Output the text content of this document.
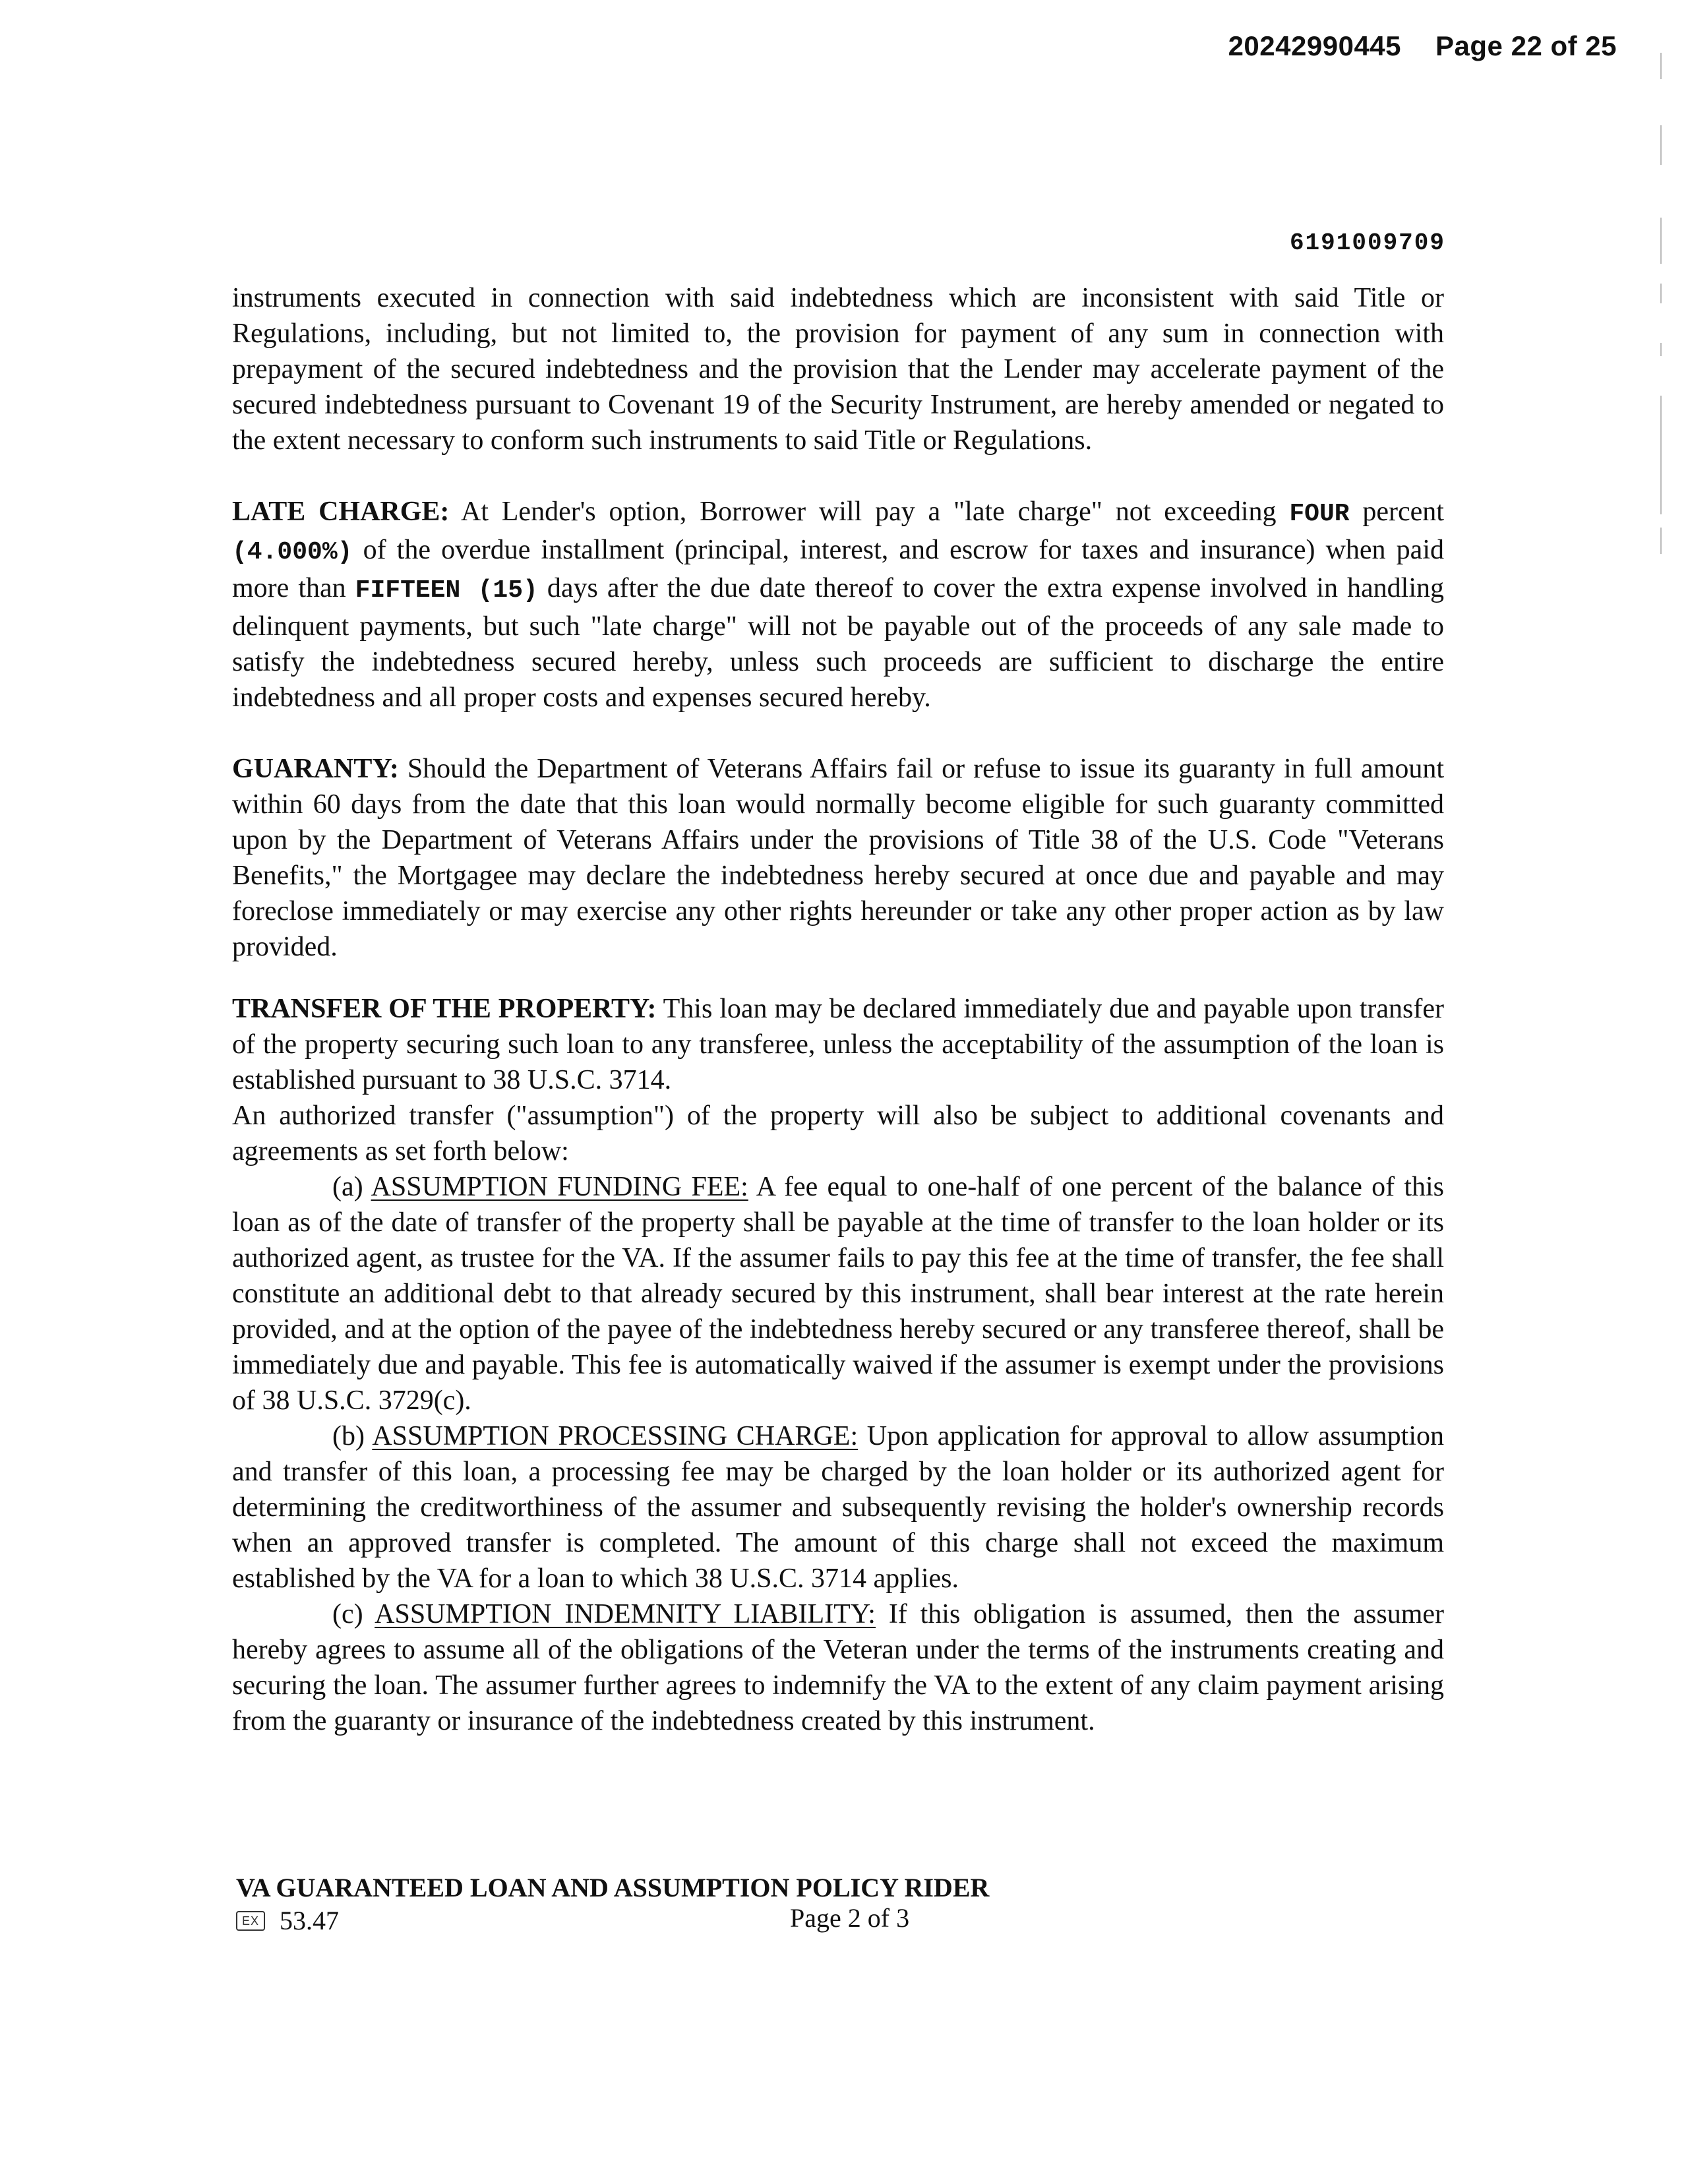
20242990445 Page 22 of 25
6191009709

instruments executed in connection with said indebtedness which are inconsistent with said Title or Regulations, including, but not limited to, the provision for payment of any sum in connection with prepayment of the secured indebtedness and the provision that the Lender may accelerate payment of the secured indebtedness pursuant to Covenant 19 of the Security Instrument, are hereby amended or negated to the extent necessary to conform such instruments to said Title or Regulations.

LATE CHARGE: At Lender's option, Borrower will pay a "late charge" not exceeding FOUR percent (4.000%) of the overdue installment (principal, interest, and escrow for taxes and insurance) when paid more than FIFTEEN (15) days after the due date thereof to cover the extra expense involved in handling delinquent payments, but such "late charge" will not be payable out of the proceeds of any sale made to satisfy the indebtedness secured hereby, unless such proceeds are sufficient to discharge the entire indebtedness and all proper costs and expenses secured hereby.

GUARANTY: Should the Department of Veterans Affairs fail or refuse to issue its guaranty in full amount within 60 days from the date that this loan would normally become eligible for such guaranty committed upon by the Department of Veterans Affairs under the provisions of Title 38 of the U.S. Code "Veterans Benefits," the Mortgagee may declare the indebtedness hereby secured at once due and payable and may foreclose immediately or may exercise any other rights hereunder or take any other proper action as by law provided.

TRANSFER OF THE PROPERTY: This loan may be declared immediately due and payable upon transfer of the property securing such loan to any transferee, unless the acceptability of the assumption of the loan is established pursuant to 38 U.S.C. 3714.

An authorized transfer ("assumption") of the property will also be subject to additional covenants and agreements as set forth below:

(a) ASSUMPTION FUNDING FEE: A fee equal to one-half of one percent of the balance of this loan as of the date of transfer of the property shall be payable at the time of transfer to the loan holder or its authorized agent, as trustee for the VA. If the assumer fails to pay this fee at the time of transfer, the fee shall constitute an additional debt to that already secured by this instrument, shall bear interest at the rate herein provided, and at the option of the payee of the indebtedness hereby secured or any transferee thereof, shall be immediately due and payable. This fee is automatically waived if the assumer is exempt under the provisions of 38 U.S.C. 3729(c).

(b) ASSUMPTION PROCESSING CHARGE: Upon application for approval to allow assumption and transfer of this loan, a processing fee may be charged by the loan holder or its authorized agent for determining the creditworthiness of the assumer and subsequently revising the holder's ownership records when an approved transfer is completed. The amount of this charge shall not exceed the maximum established by the VA for a loan to which 38 U.S.C. 3714 applies.

(c) ASSUMPTION INDEMNITY LIABILITY: If this obligation is assumed, then the assumer hereby agrees to assume all of the obligations of the Veteran under the terms of the instruments creating and securing the loan. The assumer further agrees to indemnify the VA to the extent of any claim payment arising from the guaranty or insurance of the indebtedness created by this instrument.

VA GUARANTEED LOAN AND ASSUMPTION POLICY RIDER
EX 53.47	Page 2 of 3
